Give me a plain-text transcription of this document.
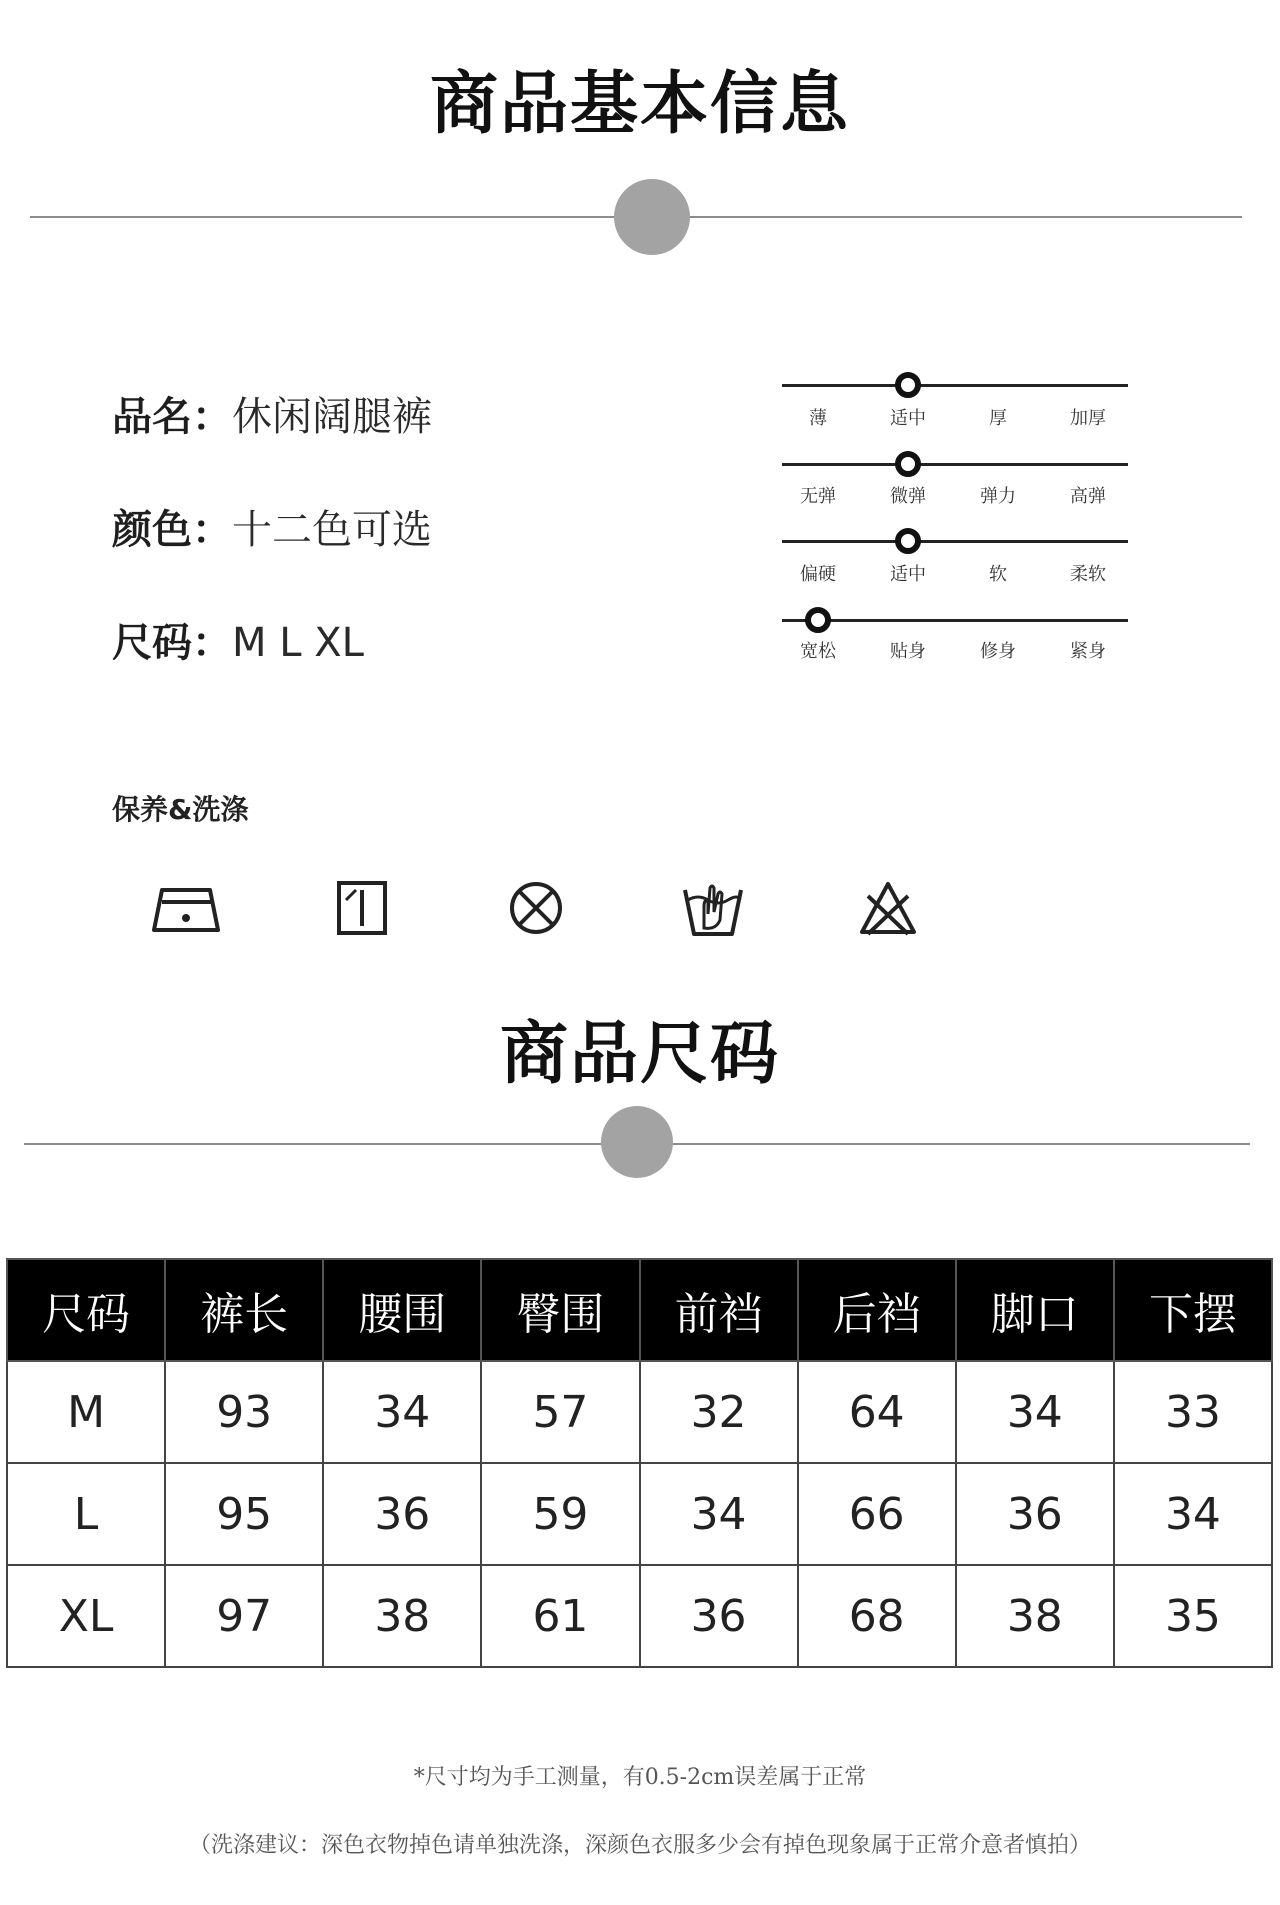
商品基本信息
品名：休闲阔腿裤
颜色：十二色可选
尺码：M L XL
薄	适中	厚	加厚
无弹	微弹	弹力	高弹
偏硬	适中	软	柔软
宽松	贴身	修身	紧身
保养&洗涤
商品尺码
尺码	裤长	腰围	臀围	前裆	后裆	脚口	下摆
M	93	34	57	32	64	34	33
L	95	36	59	34	66	36	34
XL	97	38	61	36	68	38	35
*尺寸均为手工测量，有0.5-2cm误差属于正常
（洗涤建议：深色衣物掉色请单独洗涤，深颜色衣服多少会有掉色现象属于正常介意者慎拍）
